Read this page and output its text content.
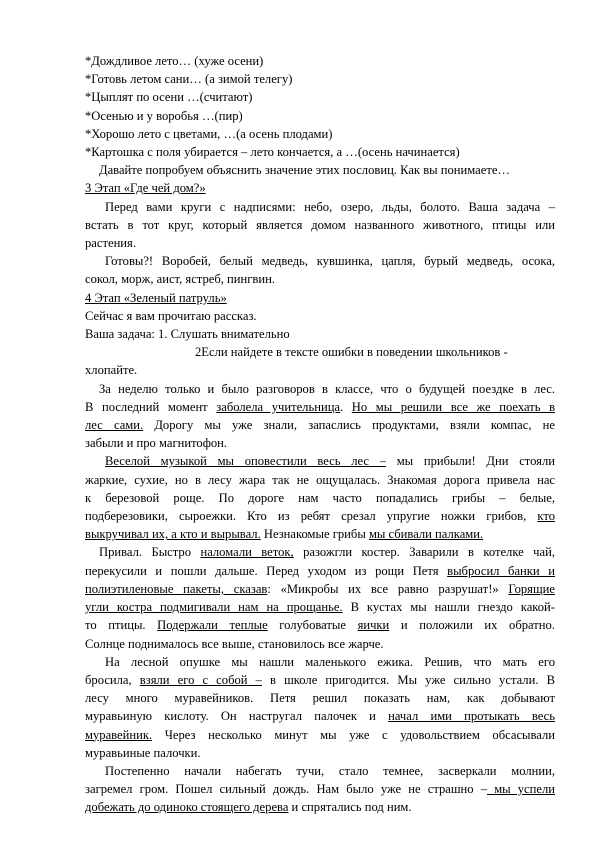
*Дождливое лето… (хуже осени)
*Готовь летом сани… (а зимой телегу)
*Цыплят по осени …(считают)
*Осенью и у воробья …(пир)
*Хорошо лето с цветами, …(а осень плодами)
*Картошка с поля убирается – лето кончается, а …(осень начинается)
Давайте попробуем объяснить значение этих пословиц. Как вы понимаете…
3 Этап «Где чей дом?»
Перед вами круги с надписями: небо, озеро, льды, болото. Ваша задача –
встать в тот круг, который является домом названного животного, птицы или
растения.
Готовы?! Воробей, белый медведь, кувшинка, цапля, бурый медведь, осока,
сокол, морж, аист, ястреб, пингвин.
4 Этап «Зеленый патруль»
Сейчас я вам прочитаю рассказ.
Ваша задача: 1. Слушать внимательно
2Если найдете в тексте ошибки в поведении школьников -
хлопайте.
За неделю только и было разговоров в классе, что о будущей поездке в лес.
В последний момент заболела учительница. Но мы решили все же поехать в
лес сами. Дорогу мы уже знали, запаслись продуктами, взяли компас, не
забыли и про магнитофон.
Веселой музыкой мы оповестили весь лес – мы прибыли! Дни стояли
жаркие, сухие, но в лесу жара так не ощущалась. Знакомая дорога привела нас
к березовой роще. По дороге нам часто попадались грибы – белые,
подберезовики, сыроежки. Кто из ребят срезал упругие ножки грибов, кто
выкручивал их, а кто и вырывал. Незнакомые грибы мы сбивали палками.
Привал. Быстро наломали веток, разожгли костер. Заварили в котелке чай,
перекусили и пошли дальше. Перед уходом из рощи Петя выбросил банки и
полиэтиленовые пакеты, сказав: «Микробы их все равно разрушат!» Горящие
угли костра подмигивали нам на прощанье. В кустах мы нашли гнездо какой-
то птицы. Подержали теплые голубоватые яички и положили их обратно.
Солнце поднималось все выше, становилось все жарче.
На лесной опушке мы нашли маленького ежика. Решив, что мать его
бросила, взяли его с собой – в школе пригодится. Мы уже сильно устали. В
лесу много муравейников. Петя решил показать нам, как добывают
муравьиную кислоту. Он настругал палочек и начал ими протыкать весь
муравейник. Через несколько минут мы уже с удовольствием обсасывали
муравьиные палочки.
Постепенно начали набегать тучи, стало темнее, засверкали молнии,
загремел гром. Пошел сильный дождь. Нам было уже не страшно – мы успели
добежать до одиноко стоящего дерева и спрятались под ним.
